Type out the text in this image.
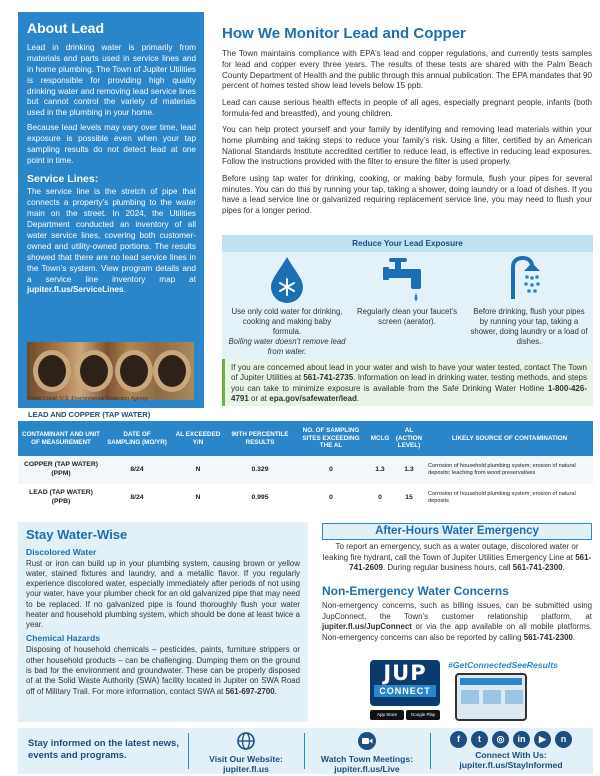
About Lead

Lead in drinking water is primarily from materials and parts used in service lines and in home plumbing. The Town of Jupiter Utilities is responsible for providing high quality drinking water and removing lead service lines but cannot control the variety of materials used in the plumbing in your home.

Because lead levels may vary over time, lead exposure is possible even when your tap sampling results do not detect lead at one point in time.

Service Lines:

The service line is the stretch of pipe that connects a property’s plumbing to the water main on the street. In 2024, the Utilities Department conducted an inventory of all water service lines, covering both customer-owned and utility-owned portions. The results showed that there are no lead service lines in the Town’s system. View program details and a service line inventory map at jupiter.fl.us/ServiceLines.

Photo Credit: U.S. Environmental Protection Agency
How We Monitor Lead and Copper

The Town maintains compliance with EPA’s lead and copper regulations, and currently tests samples for lead and copper every three years. The results of these tests are shared with the Palm Beach County Department of Health and the public through this annual publication. The EPA mandates that 90 percent of homes tested show lead levels below 15 ppb.

Lead can cause serious health effects in people of all ages, especially pregnant people, infants (both formula-fed and breastfed), and young children.

You can help protect yourself and your family by identifying and removing lead materials within your home plumbing and taking steps to reduce your family’s risk. Using a filter, certified by an American National Standards Institute accredited certifier to reduce lead, is effective in reducing lead exposures. Follow the instructions provided with the filter to ensure the filter is used properly.

Before using tap water for drinking, cooking, or making baby formula, flush your pipes for several minutes. You can do this by running your tap, taking a shower, doing laundry or a load of dishes. If you have a lead service line or galvanized requiring replacement service line, you may need to flush your pipes for a longer period.

Reduce Your Lead Exposure
Use only cold water for drinking, cooking and making baby formula.
Boiling water doesn’t remove lead from water.
Regularly clean your faucet’s screen (aerator).
Before drinking, flush your pipes by running your tap, taking a shower, doing laundry or a load of dishes.
If you are concerned about lead in your water and wish to have your water tested, contact The Town of Jupiter Utilities at 561-741-2735. Information on lead in drinking water, testing methods, and steps you can take to minimize exposure is available from the Safe Drinking Water Hotline 1-800-426-4791 or at epa.gov/safewater/lead.
LEAD AND COPPER (TAP WATER)
CONTAMINANT AND UNIT OF MEASUREMENT	DATE OF SAMPLING (MO/YR)	AL EXCEEDED Y/N	90TH PERCENTILE RESULTS	NO. OF SAMPLING SITES EXCEEDING THE AL	MCLG	AL (ACTION LEVEL)	LIKELY SOURCE OF CONTAMINATION
COPPER (TAP WATER) (PPM)	8/24	N	0.329	0	1.3	1.3	Corrosion of household plumbing system; erosion of natural deposits; leaching from wood preservatives
LEAD (TAP WATER) (PPB)	8/24	N	0.995	0	0	15	Corrosion of household plumbing system; erosion of natural deposits
Stay Water-Wise
Discolored Water

Rust or iron can build up in your plumbing system, causing brown or yellow water, stained fixtures and laundry, and a metallic flavor. If you regularly experience discolored water, especially immediately after periods of not using your water, have your plumber check for an old galvanized pipe that may need to be replaced. If no galvanized pipe is found thoroughly flush your water heater and household plumbing system, which should be done at least twice a year.

Chemical Hazards

Disposing of household chemicals – pesticides, paints, furniture strippers or other household products – can be challenging. Dumping them on the ground is bad for the environment and groundwater. These can be properly disposed of at the Solid Waste Authority (SWA) facility located in Jupiter on SWA Road off of Military Trail. For more information, contact SWA at 561-697-2700.

After-Hours Water Emergency
To report an emergency, such as a water outage, discolored water or leaking fire hydrant, call the Town of Jupiter Utilities Emergency Line at 561-741-2609. During regular business hours, call 561-741-2300.
Non-Emergency Water Concerns

Non-emergency concerns, such as billing issues, can be submitted using JupConnect, the Town’s customer relationship platform, at jupiter.fl.us/JupConnect or via the app available on all mobile platforms. Non-emergency concerns can also be reported by calling 561-741-2300.

JUP
CONNECT
App Store	Google Play
#GetConnectedSeeResults
Stay informed on the latest news, events and programs.	Visit Our Website:
jupiter.fl.us
Watch Town Meetings:
jupiter.fl.us/Live
f t ◎ in ▶ n
Connect With Us:
jupiter.fl.us/StayInformed
